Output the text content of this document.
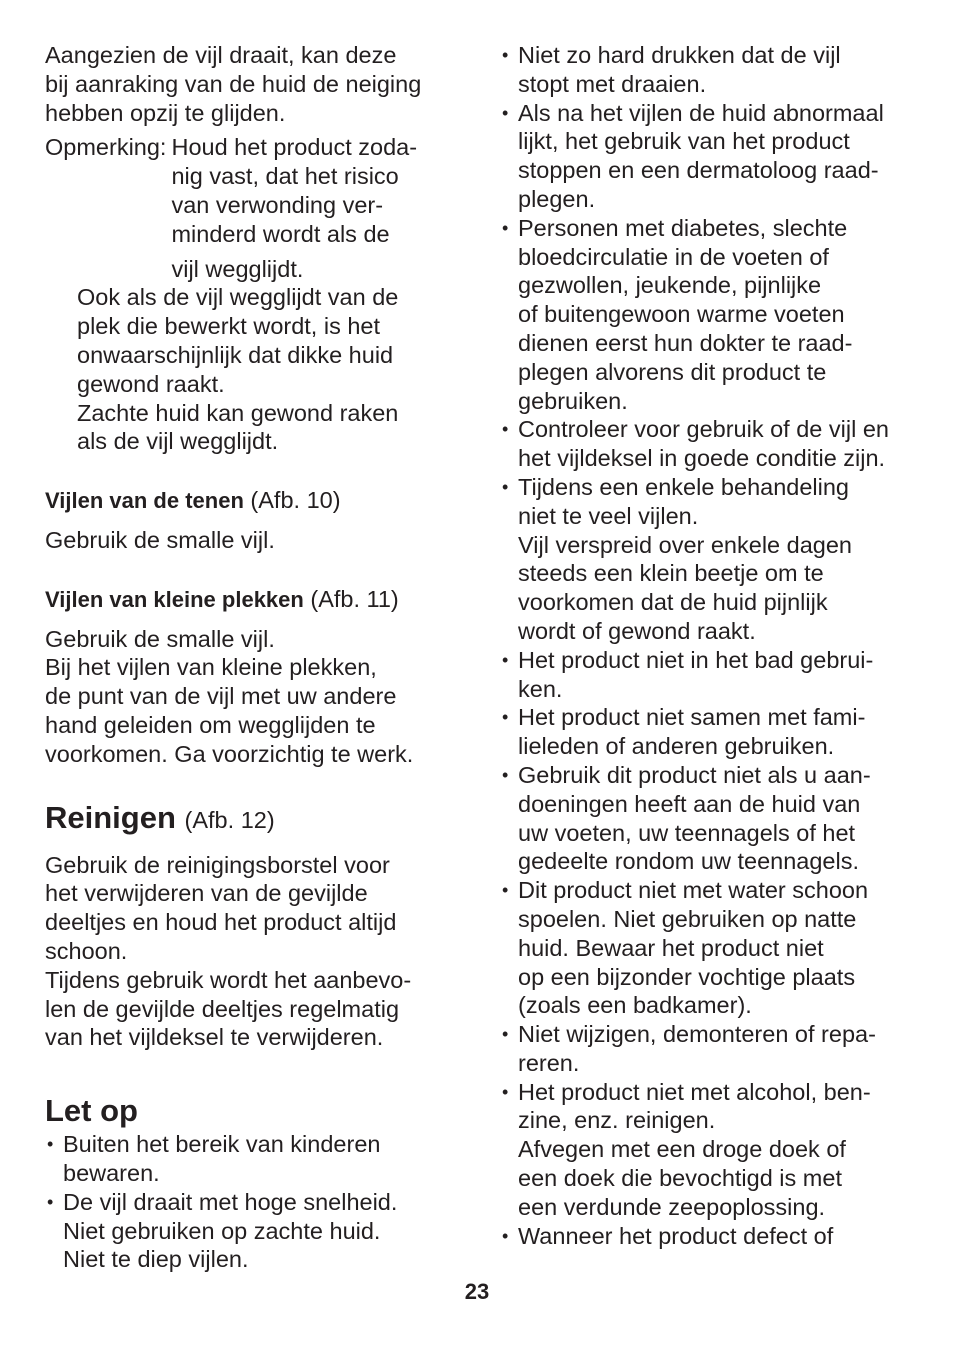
Aangezien de vijl draait, kan deze
bij aanraking van de huid de neiging
hebben opzij te glijden.

Opmerking: Houd het product zoda-
nig vast, dat het risico
van verwonding ver-
minderd wordt als de
vijl wegglijdt.

Ook als de vijl wegglijdt van de
plek die bewerkt wordt, is het
onwaarschijnlijk dat dikke huid
gewond raakt.
Zachte huid kan gewond raken
als de vijl wegglijdt.

Vijlen van de tenen (Afb. 10)

Gebruik de smalle vijl.

Vijlen van kleine plekken (Afb. 11)

Gebruik de smalle vijl.
Bij het vijlen van kleine plekken,
de punt van de vijl met uw andere
hand geleiden om wegglijden te
voorkomen. Ga voorzichtig te werk.

Reinigen (Afb. 12)

Gebruik de reinigingsborstel voor
het verwijderen van de gevijlde
deeltjes en houd het product altijd
schoon.
Tijdens gebruik wordt het aanbevo-
len de gevijlde deeltjes regelmatig
van het vijldeksel te verwijderen.

Let op
• Buiten het bereik van kinderen
bewaren.
• De vijl draait met hoge snelheid.
Niet gebruiken op zachte huid.
Niet te diep vijlen.
• Niet zo hard drukken dat de vijl
stopt met draaien.
• Als na het vijlen de huid abnormaal
lijkt, het gebruik van het product
stoppen en een dermatoloog raad-
plegen.
• Personen met diabetes, slechte
bloedcirculatie in de voeten of
gezwollen, jeukende, pijnlijke
of buitengewoon warme voeten
dienen eerst hun dokter te raad-
plegen alvorens dit product te
gebruiken.
• Controleer voor gebruik of de vijl en
het vijldeksel in goede conditie zijn.
• Tijdens een enkele behandeling
niet te veel vijlen.
Vijl verspreid over enkele dagen
steeds een klein beetje om te
voorkomen dat de huid pijnlijk
wordt of gewond raakt.
• Het product niet in het bad gebrui-
ken.
• Het product niet samen met fami-
lieleden of anderen gebruiken.
• Gebruik dit product niet als u aan-
doeningen heeft aan de huid van
uw voeten, uw teennagels of het
gedeelte rondom uw teennagels.
• Dit product niet met water schoon
spoelen. Niet gebruiken op natte
huid. Bewaar het product niet
op een bijzonder vochtige plaats
(zoals een badkamer).
• Niet wijzigen, demonteren of repa-
reren.
• Het product niet met alcohol, ben-
zine, enz. reinigen.
Afvegen met een droge doek of
een doek die bevochtigd is met
een verdunde zeepoplossing.
• Wanneer het product defect of
23
